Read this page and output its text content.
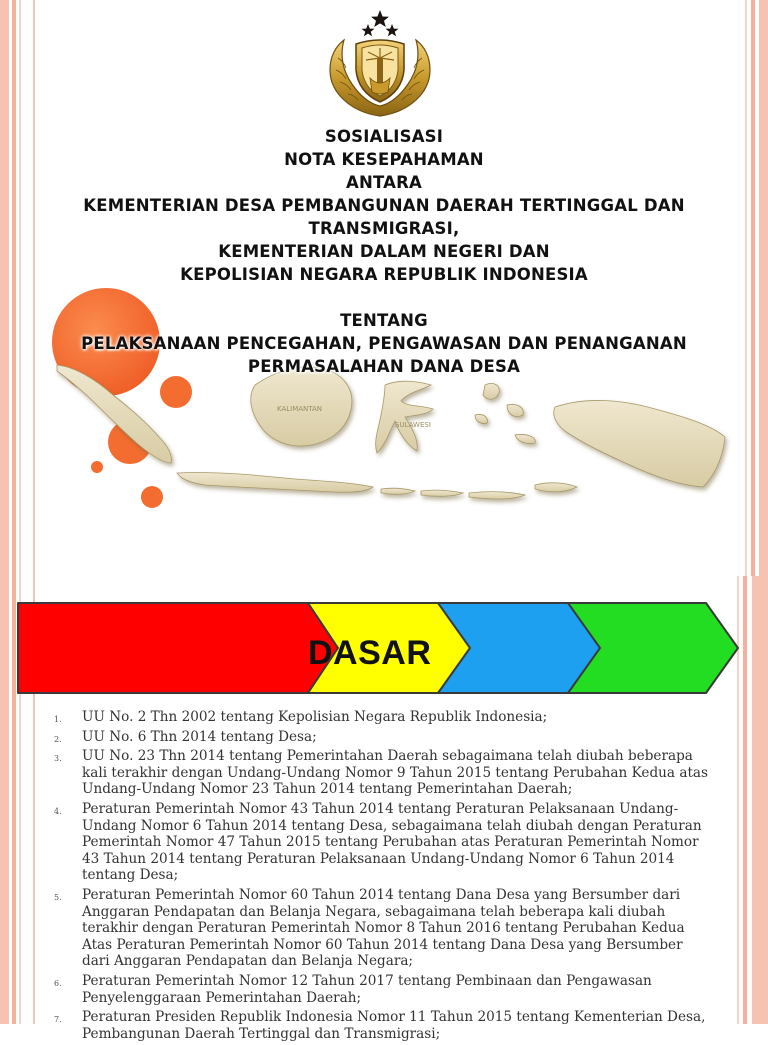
KALIMANTAN
SULAWESI
SOSIALISASI
NOTA KESEPAHAMAN
ANTARA
KEMENTERIAN DESA PEMBANGUNAN DAERAH TERTINGGAL DAN
TRANSMIGRASI,
KEMENTERIAN DALAM NEGERI DAN
KEPOLISIAN NEGARA REPUBLIK INDONESIA
TENTANG
PELAKSANAAN PENCEGAHAN, PENGAWASAN DAN PENANGANAN
PERMASALAHAN DANA DESA
DASAR
1. UU No. 2 Thn 2002 tentang Kepolisian Negara Republik Indonesia;
2. UU No. 6 Thn 2014 tentang Desa;
3. UU No. 23 Thn 2014 tentang Pemerintahan Daerah sebagaimana telah diubah beberapa kali terakhir dengan Undang-Undang Nomor 9 Tahun 2015 tentang Perubahan Kedua atas Undang-Undang Nomor 23 Tahun 2014 tentang Pemerintahan Daerah;
4. Peraturan Pemerintah Nomor 43 Tahun 2014 tentang Peraturan Pelaksanaan Undang-Undang Nomor 6 Tahun 2014 tentang Desa, sebagaimana telah diubah dengan Peraturan Pemerintah Nomor 47 Tahun 2015 tentang Perubahan atas Peraturan Pemerintah Nomor 43 Tahun 2014 tentang Peraturan Pelaksanaan Undang-Undang Nomor 6 Tahun 2014 tentang Desa;
5. Peraturan Pemerintah Nomor 60 Tahun 2014 tentang Dana Desa yang Bersumber dari Anggaran Pendapatan dan Belanja Negara, sebagaimana telah beberapa kali diubah terakhir dengan Peraturan Pemerintah Nomor 8 Tahun 2016 tentang Perubahan Kedua Atas Peraturan Pemerintah Nomor 60 Tahun 2014 tentang Dana Desa yang Bersumber dari Anggaran Pendapatan dan Belanja Negara;
6. Peraturan Pemerintah Nomor 12 Tahun 2017 tentang Pembinaan dan Pengawasan Penyelenggaraan Pemerintahan Daerah;
7. Peraturan Presiden Republik Indonesia Nomor 11 Tahun 2015 tentang Kementerian Desa, Pembangunan Daerah Tertinggal dan Transmigrasi;
